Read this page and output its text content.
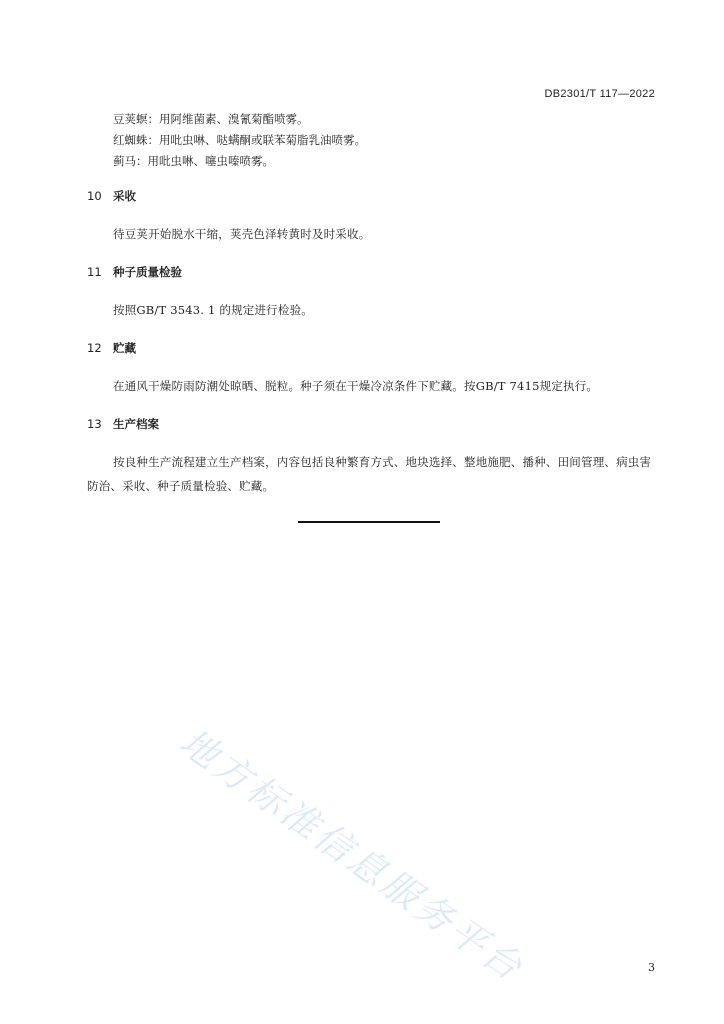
DB2301/T 117—2022
豆荚螟：用阿维菌素、溴氰菊酯喷雾。
红蜘蛛：用吡虫啉、哒螨酮或联苯菊脂乳油喷雾。
蓟马：用吡虫啉、噻虫嗪喷雾。
10 采收
待豆荚开始脱水干缩，荚壳色泽转黄时及时采收。
11 种子质量检验
按照GB/T 3543. 1 的规定进行检验。
12 贮藏
在通风干燥防雨防潮处晾晒、脱粒。种子须在干燥冷凉条件下贮藏。按GB/T 7415规定执行。
13 生产档案
按良种生产流程建立生产档案，内容包括良种繁育方式、地块选择、整地施肥、播种、田间管理、病虫害防治、采收、种子质量检验、贮藏。
地方标准信息服务平台	3
